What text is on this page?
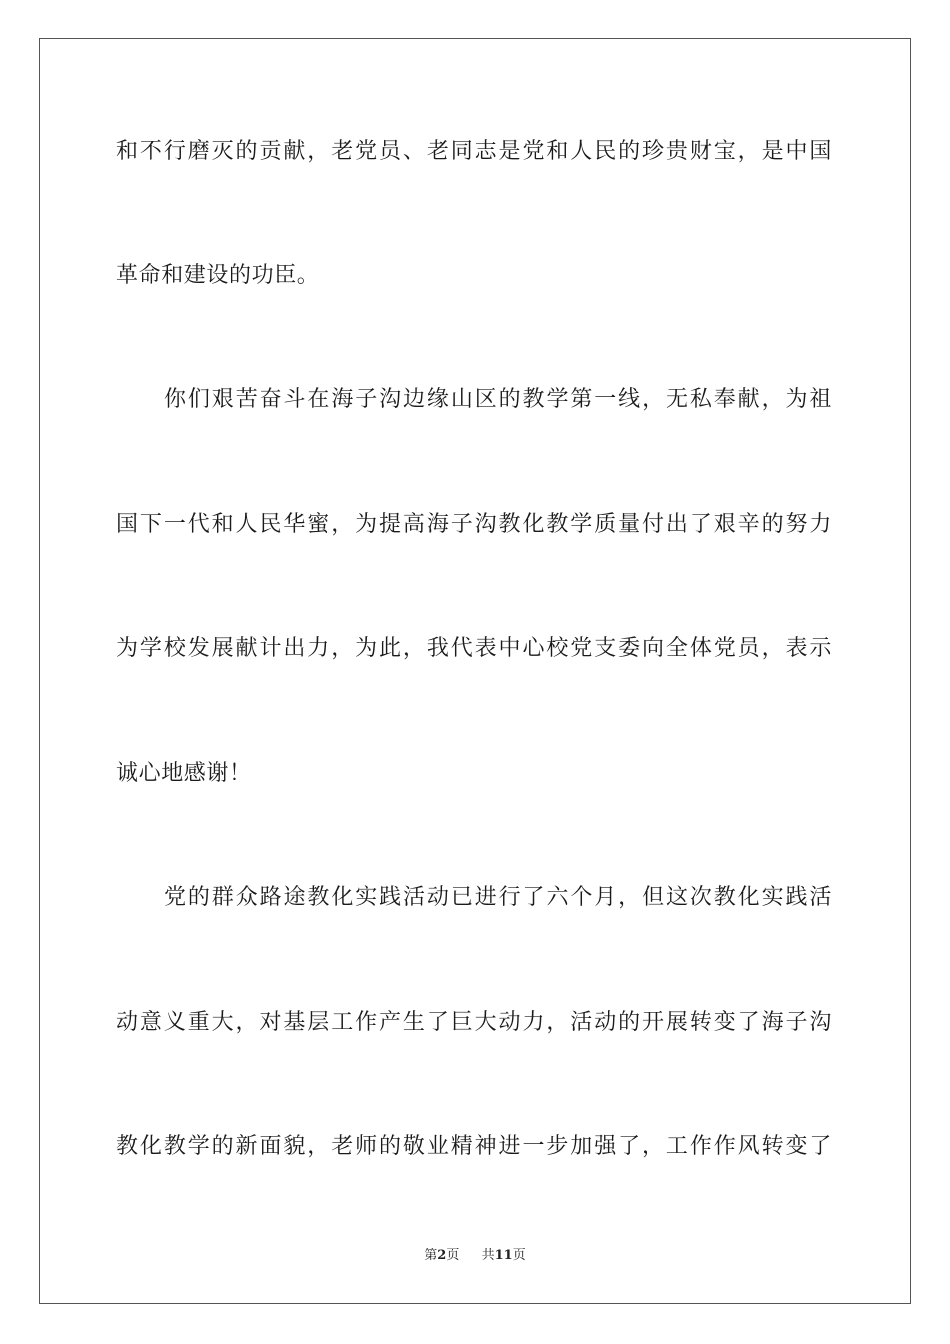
和不行磨灭的贡献，老党员、老同志是党和人民的珍贵财宝，是中国
革命和建设的功臣。
你们艰苦奋斗在海子沟边缘山区的教学第一线，无私奉献，为祖
国下一代和人民华蜜，为提高海子沟教化教学质量付出了艰辛的努力
为学校发展献计出力，为此，我代表中心校党支委向全体党员，表示
诚心地感谢！
党的群众路途教化实践活动已进行了六个月，但这次教化实践活
动意义重大，对基层工作产生了巨大动力，活动的开展转变了海子沟
教化教学的新面貌，老师的敬业精神进一步加强了，工作作风转变了
第2页 共11页
